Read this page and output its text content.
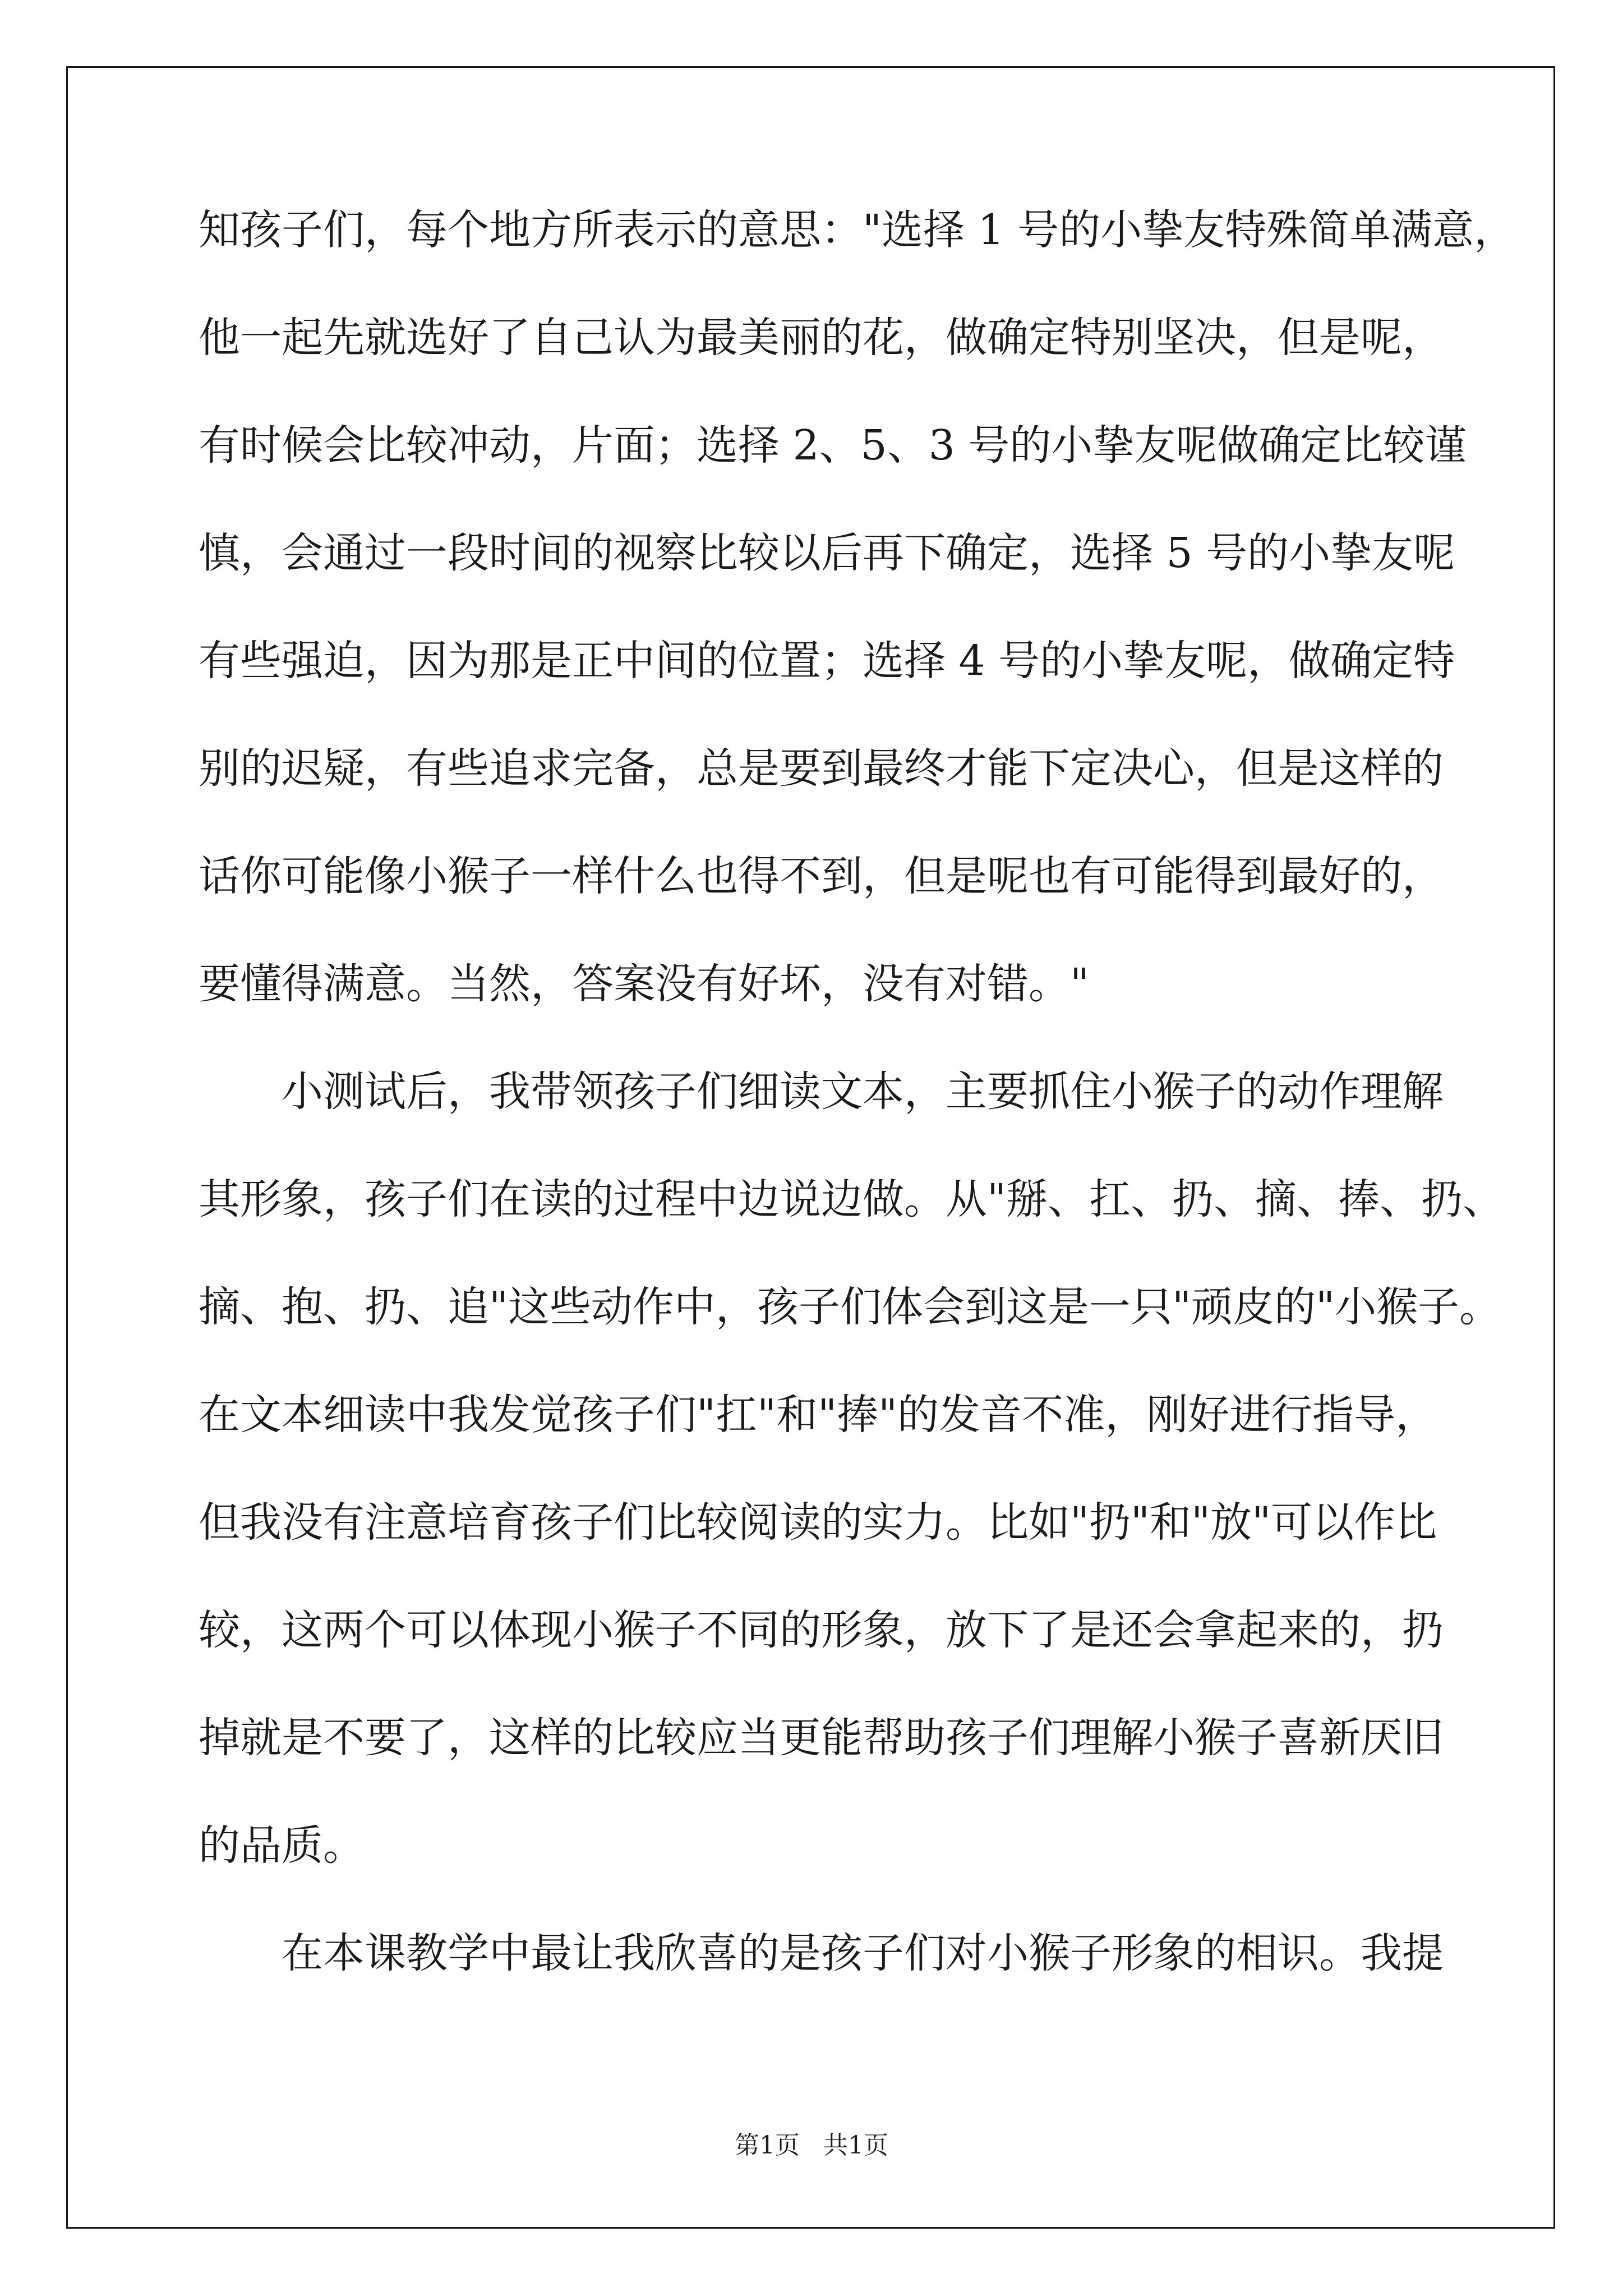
知 孩 子 们 ， 每 个 地 方 所 表 示 的 意 思 ： " 选 择
1
号 的 小 挚 友 特 殊 简 单 满 意 ，
他 一 起 先 就 选 好 了 自 己 认 为 最 美 丽 的 花 ， 做 确 定 特 别 坚 决 ， 但 是 呢 ，
有 时 候 会 比 较 冲 动 ， 片 面 ； 选 择
2 、 5 、 3
号 的 小 挚 友 呢 做 确 定 比 较 谨
慎 ， 会 通 过 一 段 时 间 的 视 察 比 较 以 后 再 下 确 定 ， 选 择
5
号 的 小 挚 友 呢
有 些 强 迫 ， 因 为 那 是 正 中 间 的 位 置 ； 选 择
4
号 的 小 挚 友 呢 ， 做 确 定 特
别 的 迟 疑 ， 有 些 追 求 完 备 ， 总 是 要 到 最 终 才 能 下 定 决 心 ， 但 是 这 样 的
话 你 可 能 像 小 猴 子 一 样 什 么 也 得 不 到 ， 但 是 呢 也 有 可 能 得 到 最 好 的 ，
要懂得满意。当然，答案没有好坏，没有对错。"
小 测 试 后 ， 我 带 领 孩 子 们 细 读 文 本 ， 主 要 抓 住 小 猴 子 的 动 作 理 解
其 形 象 ， 孩 子 们 在 读 的 过 程 中 边 说 边 做 。 从 " 掰 、 扛 、 扔 、 摘 、 捧 、 扔 、
摘 、 抱 、 扔 、 追 " 这 些 动 作 中 ， 孩 子 们 体 会 到 这 是 一 只 " 顽 皮 的 " 小 猴 子 。
在 文 本 细 读 中 我 发 觉 孩 子 们 " 扛 " 和 " 捧 " 的 发 音 不 准 ， 刚 好 进 行 指 导 ，
但 我 没 有 注 意 培 育 孩 子 们 比 较 阅 读 的 实 力 。 比 如 " 扔 " 和 " 放 " 可 以 作 比
较 ， 这 两 个 可 以 体 现 小 猴 子 不 同 的 形 象 ， 放 下 了 是 还 会 拿 起 来 的 ， 扔
掉 就 是 不 要 了 ， 这 样 的 比 较 应 当 更 能 帮 助 孩 子 们 理 解 小 猴 子 喜 新 厌 旧
的品质。
在 本 课 教 学 中 最 让 我 欣 喜 的 是 孩 子 们 对 小 猴 子 形 象 的 相 识 。 我 提
第1页   共1页
